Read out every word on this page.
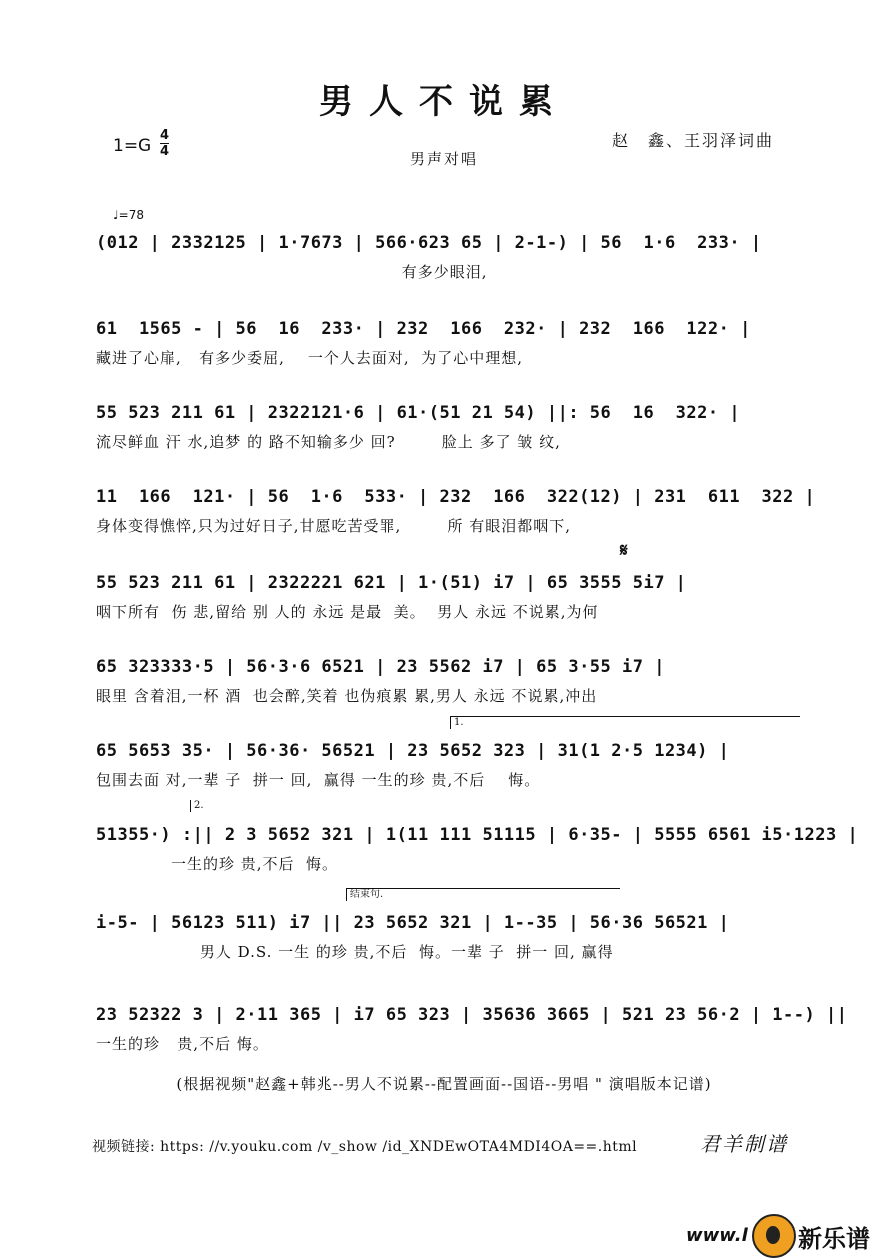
男人不说累
1=G
4
4
赵　鑫、王羽泽词曲
男声对唱
♩=78
(012 | 2332125 | 1·7673 | 566·623 65 | 2-1-) | 56  1·6  233· |
有多少眼泪,
61  1565 - | 56  16  233· | 232  166  232· | 232  166  122· |
藏进了心扉,   有多少委屈,    一个人去面对,  为了心中理想,
55 523 211 61 | 2322121·6 | 61·(51 21 54) ||: 56  16  322· |
流尽鲜血 汗 水,追梦 的 路不知输多少 回?        脸上 多了 皱 纹,
11  166  121· | 56  1·6  533· | 232  166  322(12) | 231  611  322 |
身体变得憔悴,只为过好日子,甘愿吃苦受罪,        所 有眼泪都咽下,
𝄋
55 523 211 61 | 2322221 621 | 1·(51) i7 | 65 3555 5i7 |
咽下所有  伤 悲,留给 别 人的 永远 是最  美。  男人 永远 不说累,为何
65 323333·5 | 56·3·6 6521 | 23 5562 i7 | 65 3·55 i7 |
眼里 含着泪,一杯 酒  也会醉,笑着 也伪痕累 累,男人 永远 不说累,冲出
1.
65 5653 35· | 56·36· 56521 | 23 5652 323 | 31(1 2·5 1234) |
包围去面 对,一辈 子  拼一 回,  赢得 一生的珍 贵,不后    悔。
2.
51355·) :|| 2 3 5652 321 | 1(11 111 51115 | 6·35- | 5555 6561 i5·1223 |
一生的珍 贵,不后  悔。
结束句.
i-5- | 56123 511) i7 || 23 5652 321 | 1--35 | 56·36 56521 |
男人 D.S. 一生 的珍 贵,不后  悔。一辈 子  拼一 回, 赢得
23 52322 3 | 2·11 365 | i7 65 323 | 35636 3665 | 521 23 56·2 | 1--) ||
一生的珍   贵,不后 悔。
(根据视频"赵鑫+韩兆--男人不说累--配置画面--国语--男唱 " 演唱版本记谱)
视频链接: https: //v.youku.com /v_show /id_XNDEwOTA4MDI4OA==.html	君羊制谱
www.l 新乐谱
